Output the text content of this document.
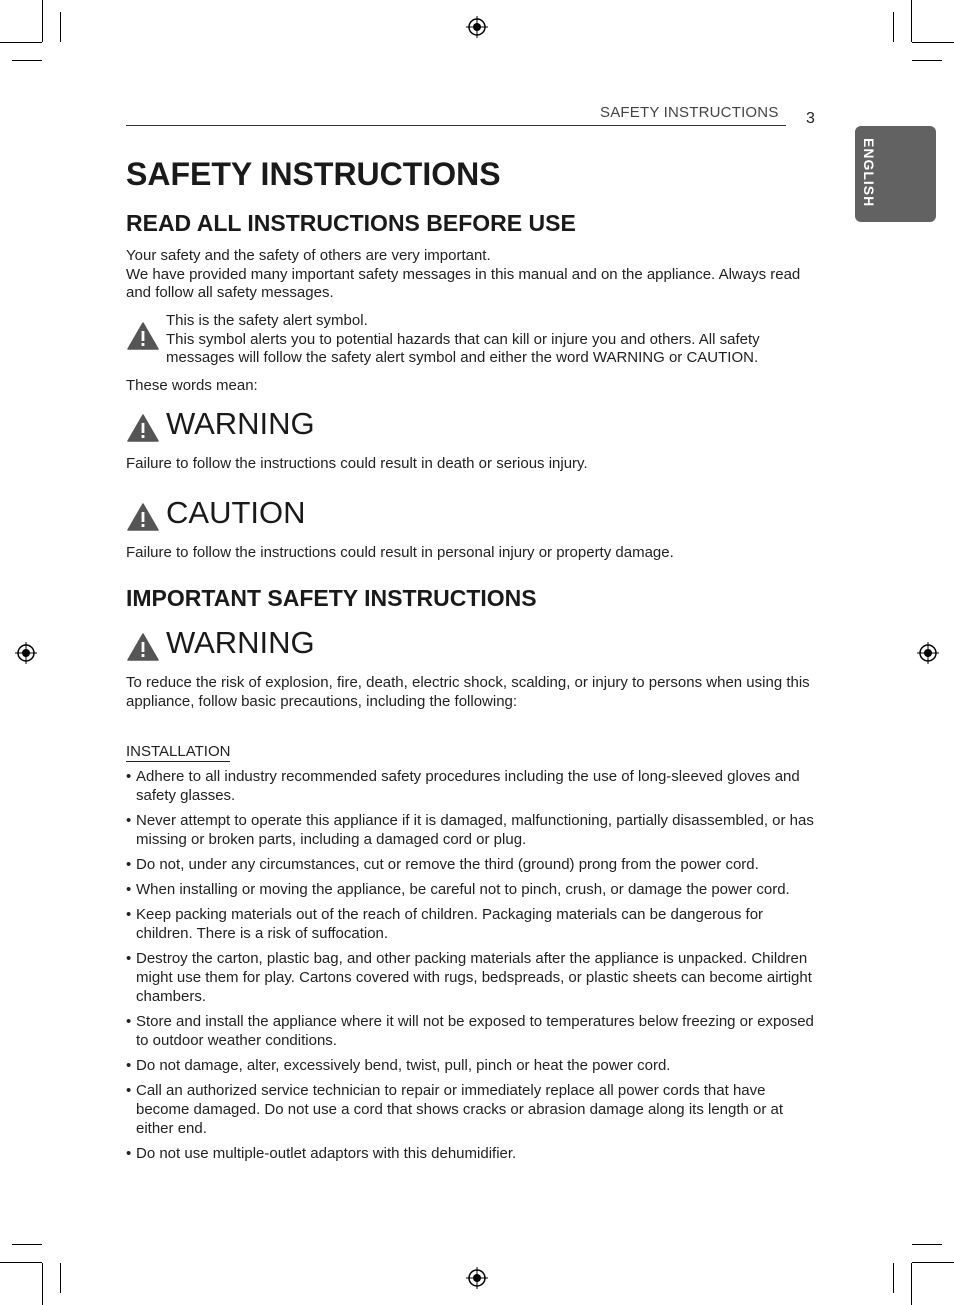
SAFETY INSTRUCTIONS 3
ENGLISH
SAFETY INSTRUCTIONS
READ ALL INSTRUCTIONS BEFORE USE
Your safety and the safety of others are very important.
We have provided many important safety messages in this manual and on the appliance. Always read and follow all safety messages.
This is the safety alert symbol.
This symbol alerts you to potential hazards that can kill or injure you and others. All safety messages will follow the safety alert symbol and either the word WARNING or CAUTION.
These words mean:
WARNING
Failure to follow the instructions could result in death or serious injury.
CAUTION
Failure to follow the instructions could result in personal injury or property damage.
IMPORTANT SAFETY INSTRUCTIONS
WARNING
To reduce the risk of explosion, fire, death, electric shock, scalding, or injury to persons when using this appliance, follow basic precautions, including the following:
INSTALLATION
• Adhere to all industry recommended safety procedures including the use of long-sleeved gloves and safety glasses.
• Never attempt to operate this appliance if it is damaged, malfunctioning, partially disassembled, or has missing or broken parts, including a damaged cord or plug.
• Do not, under any circumstances, cut or remove the third (ground) prong from the power cord.
• When installing or moving the appliance, be careful not to pinch, crush, or damage the power cord.
• Keep packing materials out of the reach of children. Packaging materials can be dangerous for children. There is a risk of suffocation.
• Destroy the carton, plastic bag, and other packing materials after the appliance is unpacked. Children might use them for play. Cartons covered with rugs, bedspreads, or plastic sheets can become airtight chambers.
• Store and install the appliance where it will not be exposed to temperatures below freezing or exposed to outdoor weather conditions.
• Do not damage, alter, excessively bend, twist, pull, pinch or heat the power cord.
• Call an authorized service technician to repair or immediately replace all power cords that have become damaged. Do not use a cord that shows cracks or abrasion damage along its length or at either end.
• Do not use multiple-outlet adaptors with this dehumidifier.
